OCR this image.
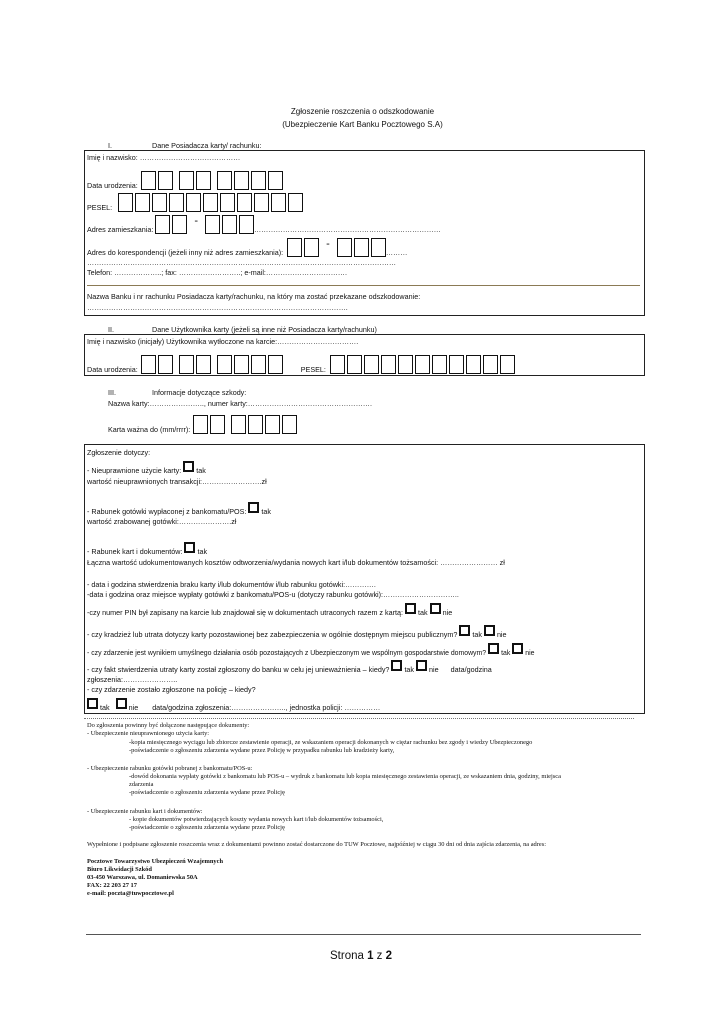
Zgłoszenie roszczenia o odszkodowanie
(Ubezpieczenie Kart Banku Pocztowego S.A)
I.	Dane Posiadacza karty/ rachunku:
Imię i nazwisko: ……………………………………
Data urodzenia:
PESEL:
Adres zamieszkania:
-
……………………………………………………………………
Adres do korespondencji (jeżeli inny niż adres zamieszkania):
-
………
…………………………………………………………………………………………………………………
Telefon: ………………..; fax: ……………………..; e-mail:…………………………….
Nazwa Banku i nr rachunku Posiadacza karty/rachunku, na który ma zostać przekazane odszkodowanie:
……………………………………………………………………………………………….
II.	Dane Użytkownika karty (jeżeli są inne niż Posiadacza karty/rachunku)
Imię i nazwisko (inicjały) Użytkownika wytłoczone na karcie:…………………………….
Data urodzenia:	PESEL:
III.	Informacje dotyczące szkody:
Nazwa karty:………………….., numer karty:…………………………………………….
Karta ważna do (mm/rrrr):
Zgłoszenie dotyczy:
- Nieuprawnione użycie karty: tak
wartość nieuprawnionych transakcji:…………………….zł
- Rabunek gotówki wypłaconej z bankomatu/POS: tak
wartość zrabowanej gotówki:………………….zł
- Rabunek kart i dokumentów: tak
Łączna wartość udokumentowanych kosztów odtworzenia/wydania nowych kart i/lub dokumentów tożsamości: …………………… zł
- data i godzina stwierdzenia braku karty i/lub dokumentów i/lub rabunku gotówki:………….
-data i godzina oraz miejsce wypłaty gotówki z bankomatu/POS-u (dotyczy rabunku gotówki):…………………………..
-czy numer PIN był zapisany na karcie lub znajdował się w dokumentach utraconych razem z kartą: tak nie
- czy kradzież lub utrata dotyczy karty pozostawionej bez zabezpieczenia w ogólnie dostępnym miejscu publicznym? tak nie
- czy zdarzenie jest wynikiem umyślnego działania osób pozostających z Ubezpieczonym we wspólnym gospodarstwie domowym? tak nie
- czy fakt stwierdzenia utraty karty został zgłoszony do banku w celu jej unieważnienia – kiedy? tak nie data/godzina
zgłoszenia:…………………..
- czy zdarzenie zostało zgłoszone na policję – kiedy?
tak	nie data/godzina zgłoszenia:………………….., jednostka policji: ……………
Do zgłoszenia powinny być dołączone następujące dokumenty:
- Ubezpieczenie nieuprawnionego użycia karty:
-kopia miesięcznego wyciągu lub zbiorcze zestawienie operacji, ze wskazaniem operacji dokonanych w ciężar rachunku bez zgody i wiedzy Ubezpieczonego
-poświadczenie o zgłoszeniu zdarzenia wydane przez Policję w przypadku rabunku lub kradzieży karty,
- Ubezpieczenie rabunku gotówki pobranej z bankomatu/POS-u:
-dowód dokonania wypłaty gotówki z bankomatu lub POS-u – wydruk z bankomatu lub kopia miesięcznego zestawienia operacji, ze wskazaniem dnia, godziny, miejsca
zdarzenia
-poświadczenie o zgłoszeniu zdarzenia wydane przez Policję
- Ubezpieczenie rabunku kart i dokumentów:
- kopie dokumentów potwierdzających koszty wydania nowych kart i/lub dokumentów tożsamości,
-poświadczenie o zgłoszeniu zdarzenia wydane przez Policję
Wypełnione i podpisane zgłoszenie roszczenia wraz z dokumentami powinno zostać dostarczone do TUW Pocztowe, najpóźniej w ciągu 30 dni od dnia zajścia zdarzenia, na adres:
Pocztowe Towarzystwo Ubezpieczeń Wzajemnych
Biuro Likwidacji Szkód
03-450 Warszawa, ul. Domaniewska 50A
FAX: 22 203 27 17
e-mail: poczta@tuwpocztowe.pl
Strona 1 z 2
